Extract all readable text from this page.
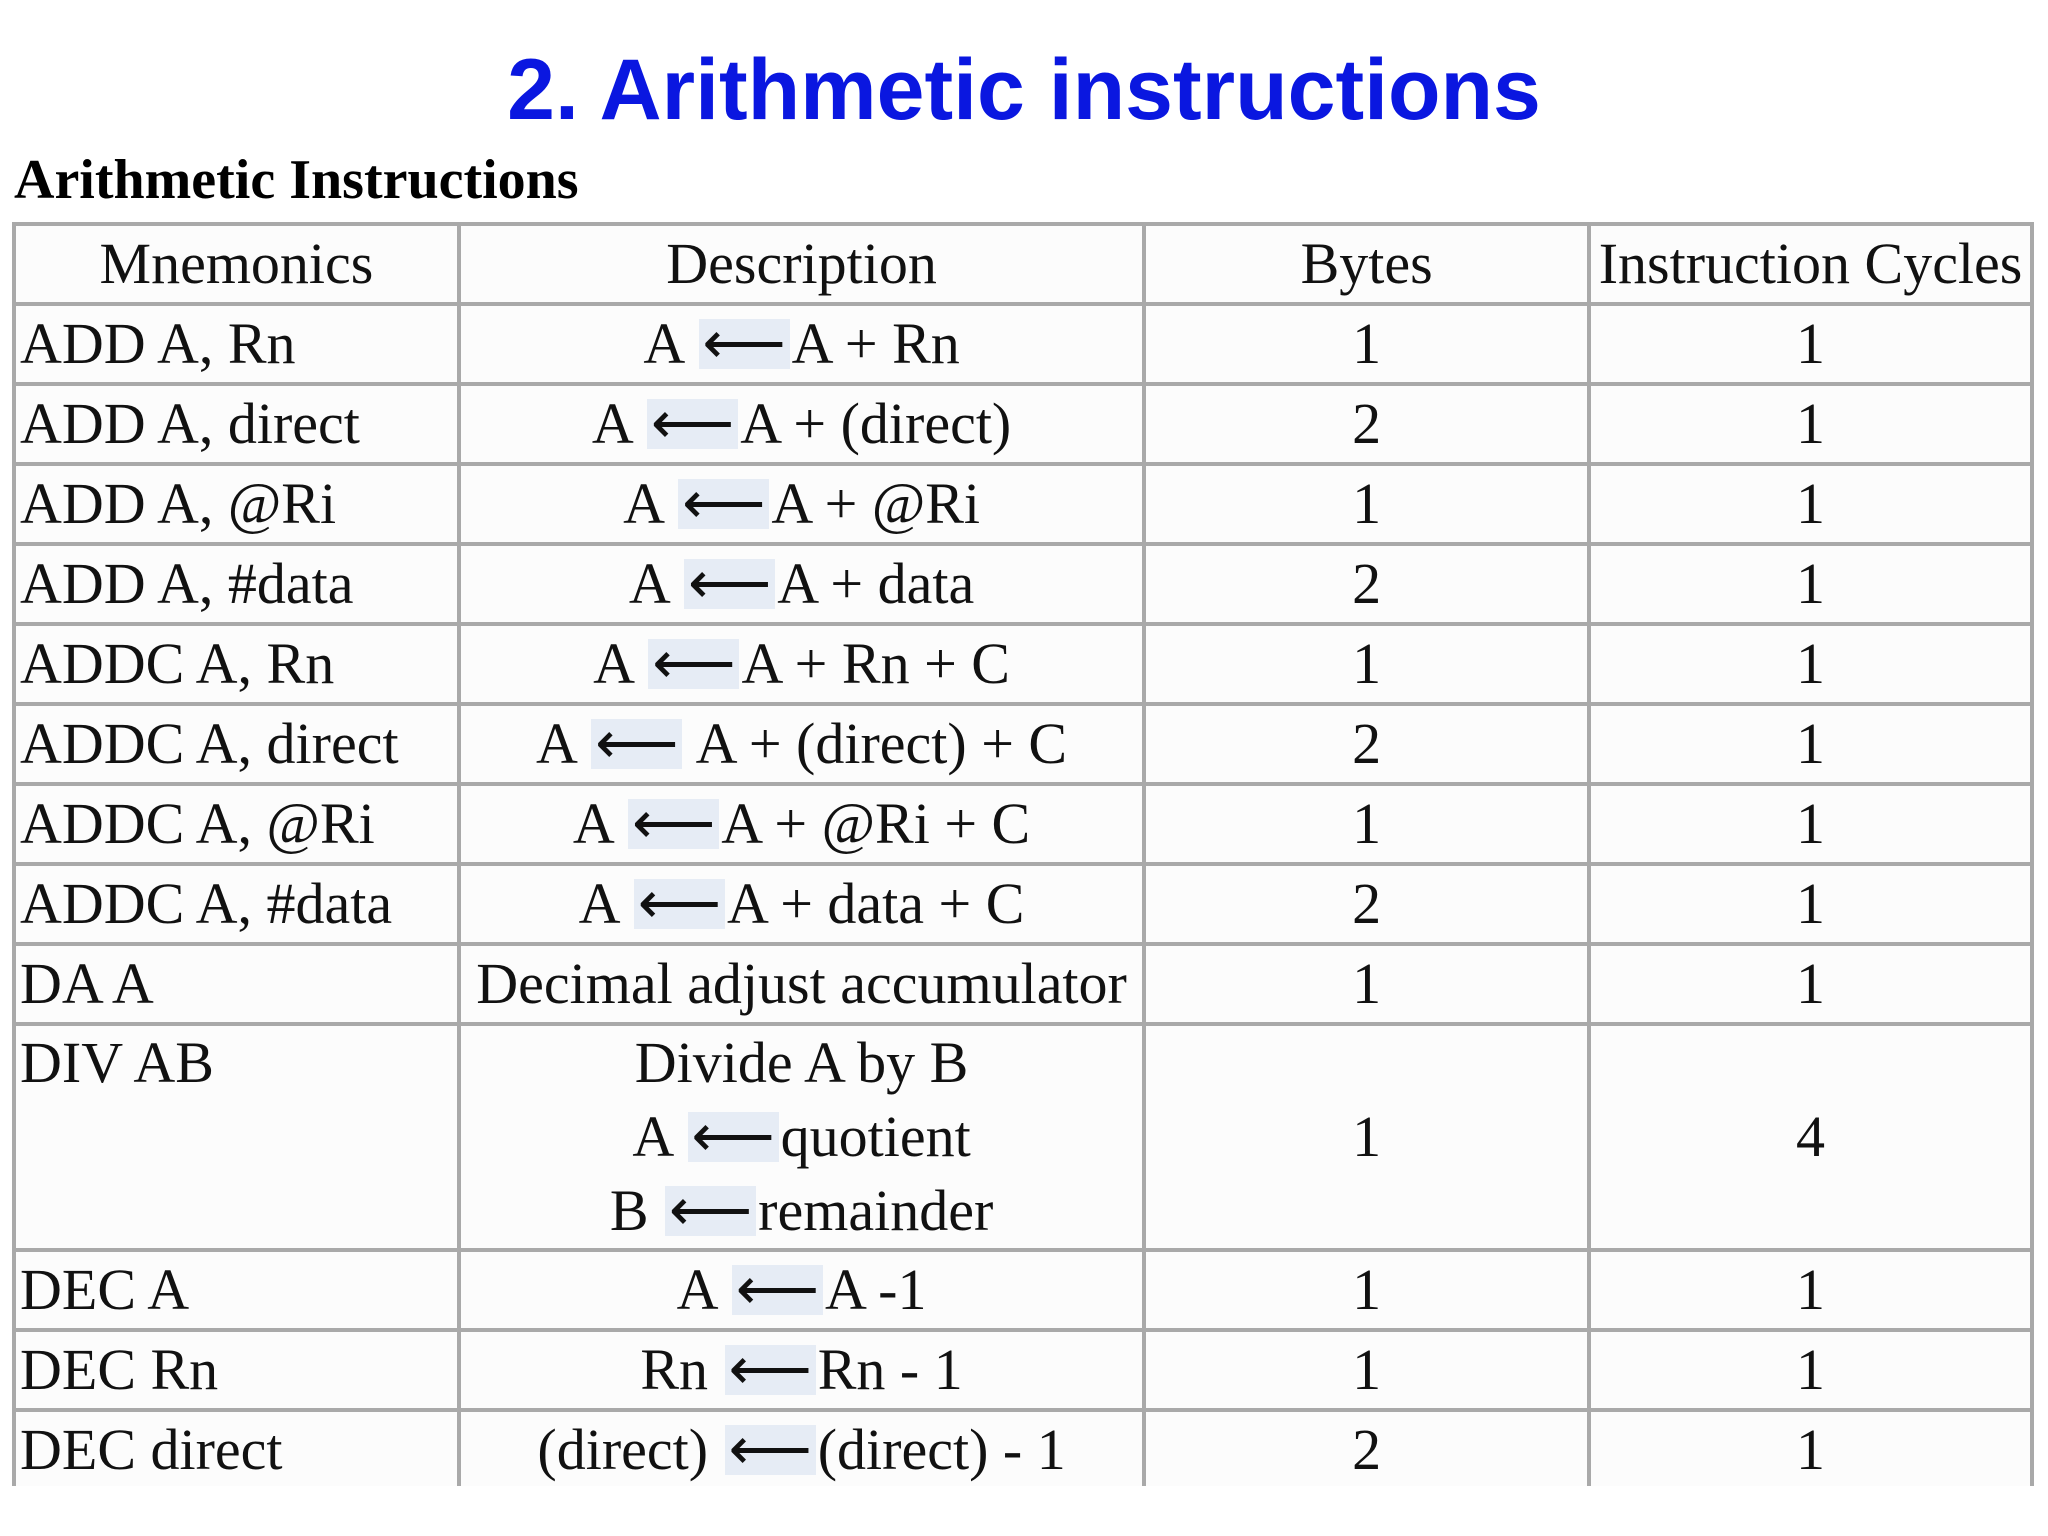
2. Arithmetic instructions
Arithmetic Instructions
Mnemonics	Description	Bytes	Instruction Cycles
ADD A, Rn	A ⟵ A + Rn	1	1
ADD A, direct	A ⟵ A + (direct)	2	1
ADD A, @Ri	A ⟵ A + @Ri	1	1
ADD A, #data	A ⟵ A + data	2	1
ADDC A, Rn	A ⟵ A + Rn + C	1	1
ADDC A, direct	A ⟵ A + (direct) + C	2	1
ADDC A, @Ri	A ⟵ A + @Ri + C	1	1
ADDC A, #data	A ⟵ A + data + C	2	1
DA A	Decimal adjust accumulator	1	1
DIV AB	Divide A by B
A ⟵ quotient
B ⟵ remainder	1	4
DEC A	A ⟵ A -1	1	1
DEC Rn	Rn ⟵ Rn - 1	1	1
DEC direct	(direct) ⟵ (direct) - 1	2	1
